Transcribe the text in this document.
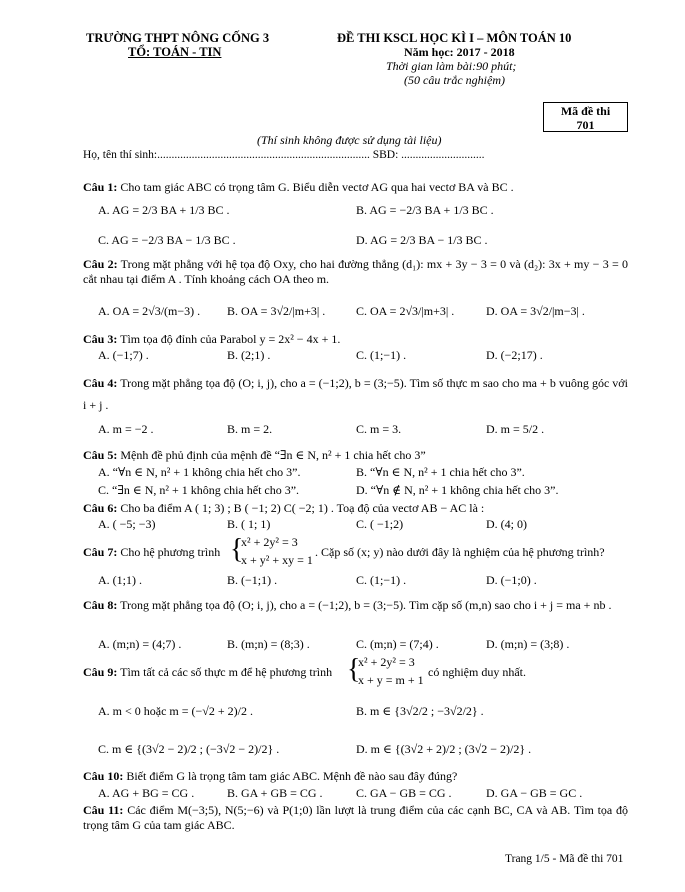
TRƯỜNG THPT NÔNG CỐNG 3
TỔ: TOÁN - TIN
ĐỀ THI KSCL HỌC KÌ I – MÔN TOÁN 10
Năm học: 2017 - 2018
Thời gian làm bài:90 phút;
(50 câu trắc nghiệm)
Mã đề thi
701
(Thí sinh không được sử dụng tài liệu)
Họ, tên thí sinh:.......................................................................... SBD: .............................
Câu 1: Cho tam giác ABC có trọng tâm G. Biểu diễn vectơ AG qua hai vectơ BA và BC .
A. AG = 2/3 BA + 1/3 BC .	B. AG = −2/3 BA + 1/3 BC .
C. AG = −2/3 BA − 1/3 BC .	D. AG = 2/3 BA − 1/3 BC .
Câu 2: Trong mặt phẳng với hệ tọa độ Oxy, cho hai đường thẳng (d₁): mx + 3y − 3 = 0 và (d₂): 3x + my − 3 = 0 cắt nhau tại điểm A . Tính khoảng cách OA theo m.
A. OA = 2√3/(m−3) . B. OA = 3√2/|m+3| .	C. OA = 2√3/|m+3| .	D. OA = 3√2/|m−3| .
Câu 3: Tìm tọa độ đỉnh của Parabol y = 2x² − 4x + 1.
A. (−1;7) .	B. (2;1) .	C. (1;−1) .	D. (−2;17) .
Câu 4: Trong mặt phẳng tọa độ (O; i, j), cho a = (−1;2), b = (3;−5). Tìm số thực m sao cho ma + b vuông góc với i + j .
A. m = −2 .	B. m = 2.	C. m = 3.	D. m = 5/2 .
Câu 5: Mệnh đề phủ định của mệnh đề “∃n ∈ N, n² + 1 chia hết cho 3”
A. “∀n ∈ N, n² + 1 không chia hết cho 3”.	B. “∀n ∈ N, n² + 1 chia hết cho 3”.
C. “∃n ∈ N, n² + 1 không chia hết cho 3”.	D. “∀n ∉ N, n² + 1 không chia hết cho 3”.
Câu 6: Cho ba điểm A ( 1; 3) ; B ( −1; 2) C( −2; 1) . Toạ độ của vectơ AB − AC là :
A. ( −5; −3)	B. ( 1; 1)	C. ( −1;2)	D. (4; 0)
Câu 7: Cho hệ phương trình {
x² + 2y² = 3
x + y² + xy = 1
. Cặp số (x; y) nào dưới đây là nghiệm của hệ phương trình?
A. (1;1) .	B. (−1;1) .	C. (1;−1) .	D. (−1;0) .
Câu 8: Trong mặt phẳng tọa độ (O; i, j), cho a = (−1;2), b = (3;−5). Tìm cặp số (m,n) sao cho i + j = ma + nb .
A. (m;n) = (4;7) .	B. (m;n) = (8;3) .	C. (m;n) = (7;4) .	D. (m;n) = (3;8) .
Câu 9: Tìm tất cả các số thực m để hệ phương trình {
x² + 2y² = 3
x + y = m + 1
có nghiệm duy nhất.
A. m < 0 hoặc m = (−√2 + 2)/2 .	B. m ∈ {3√2/2 ; −3√2/2} .
C. m ∈ {(3√2 − 2)/2 ; (−3√2 − 2)/2} .	D. m ∈ {(3√2 + 2)/2 ; (3√2 − 2)/2} .
Câu 10: Biết điểm G là trọng tâm tam giác ABC. Mệnh đề nào sau đây đúng?
A. AG + BG = CG .	B. GA + GB = CG .	C. GA − GB = CG .	D. GA − GB = GC .
Câu 11: Các điểm M(−3;5), N(5;−6) và P(1;0) lần lượt là trung điểm của các cạnh BC, CA và AB. Tìm tọa độ trọng tâm G của tam giác ABC.
Trang 1/5 - Mã đề thi 701
